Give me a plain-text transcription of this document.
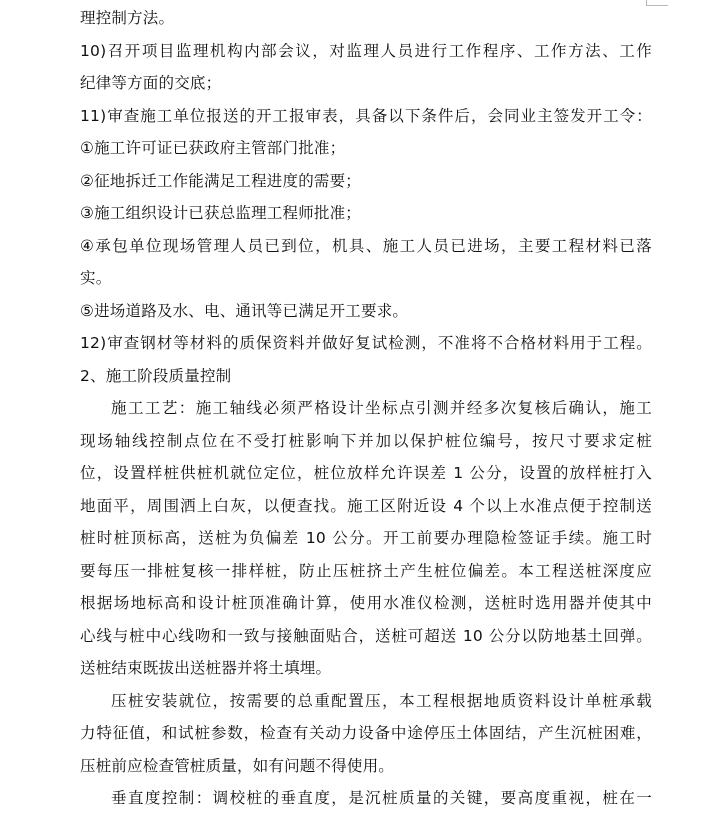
理控制方法。
10)召开项目监理机构内部会议，对监理人员进行工作程序、工作方法、工作
纪律等方面的交底；
11)审查施工单位报送的开工报审表，具备以下条件后，会同业主签发开工令：
①施工许可证已获政府主管部门批准；
②征地拆迁工作能满足工程进度的需要；
③施工组织设计已获总监理工程师批准；
④承包单位现场管理人员已到位，机具、施工人员已进场，主要工程材料已落
实。
⑤进场道路及水、电、通讯等已满足开工要求。
12)审查钢材等材料的质保资料并做好复试检测，不准将不合格材料用于工程。
2、施工阶段质量控制
施工工艺：施工轴线必须严格设计坐标点引测并经多次复核后确认，施工
现场轴线控制点位在不受打桩影响下并加以保护桩位编号，按尺寸要求定桩
位，设置样桩供桩机就位定位，桩位放样允许误差 1 公分，设置的放样桩打入
地面平，周围洒上白灰，以便查找。施工区附近设 4 个以上水准点便于控制送
桩时桩顶标高，送桩为负偏差 10 公分。开工前要办理隐检签证手续。施工时
要每压一排桩复核一排样桩，防止压桩挤土产生桩位偏差。本工程送桩深度应
根据场地标高和设计桩顶准确计算，使用水准仪检测，送桩时选用器并使其中
心线与桩中心线吻和一致与接触面贴合，送桩可超送 10 公分以防地基土回弹。
送桩结束既拔出送桩器并将土填埋。
压桩安装就位，按需要的总重配置压，本工程根据地质资料设计单桩承载
力特征值，和试桩参数，检查有关动力设备中途停压土体固结，产生沉桩困难，
压桩前应检查管桩质量，如有问题不得使用。
垂直度控制：调校桩的垂直度，是沉桩质量的关键，要高度重视，桩在一
